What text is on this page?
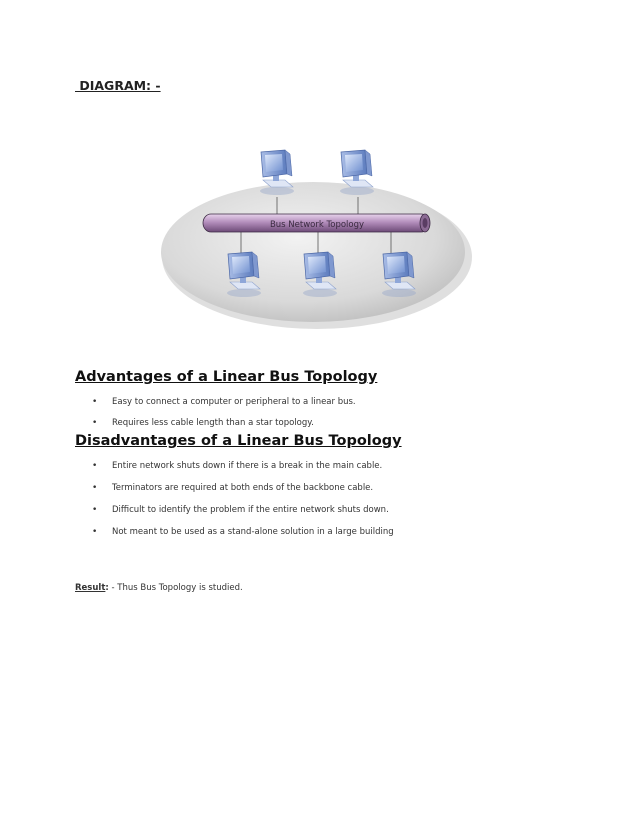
DIAGRAM: -
Bus Network Topology
Advantages of a Linear Bus Topology
• Easy to connect a computer or peripheral to a linear bus.
• Requires less cable length than a star topology.
Disadvantages of a Linear Bus Topology
• Entire network shuts down if there is a break in the main cable.
• Terminators are required at both ends of the backbone cable.
• Difficult to identify the problem if the entire network shuts down.
• Not meant to be used as a stand-alone solution in a large building
Result: - Thus Bus Topology is studied.
